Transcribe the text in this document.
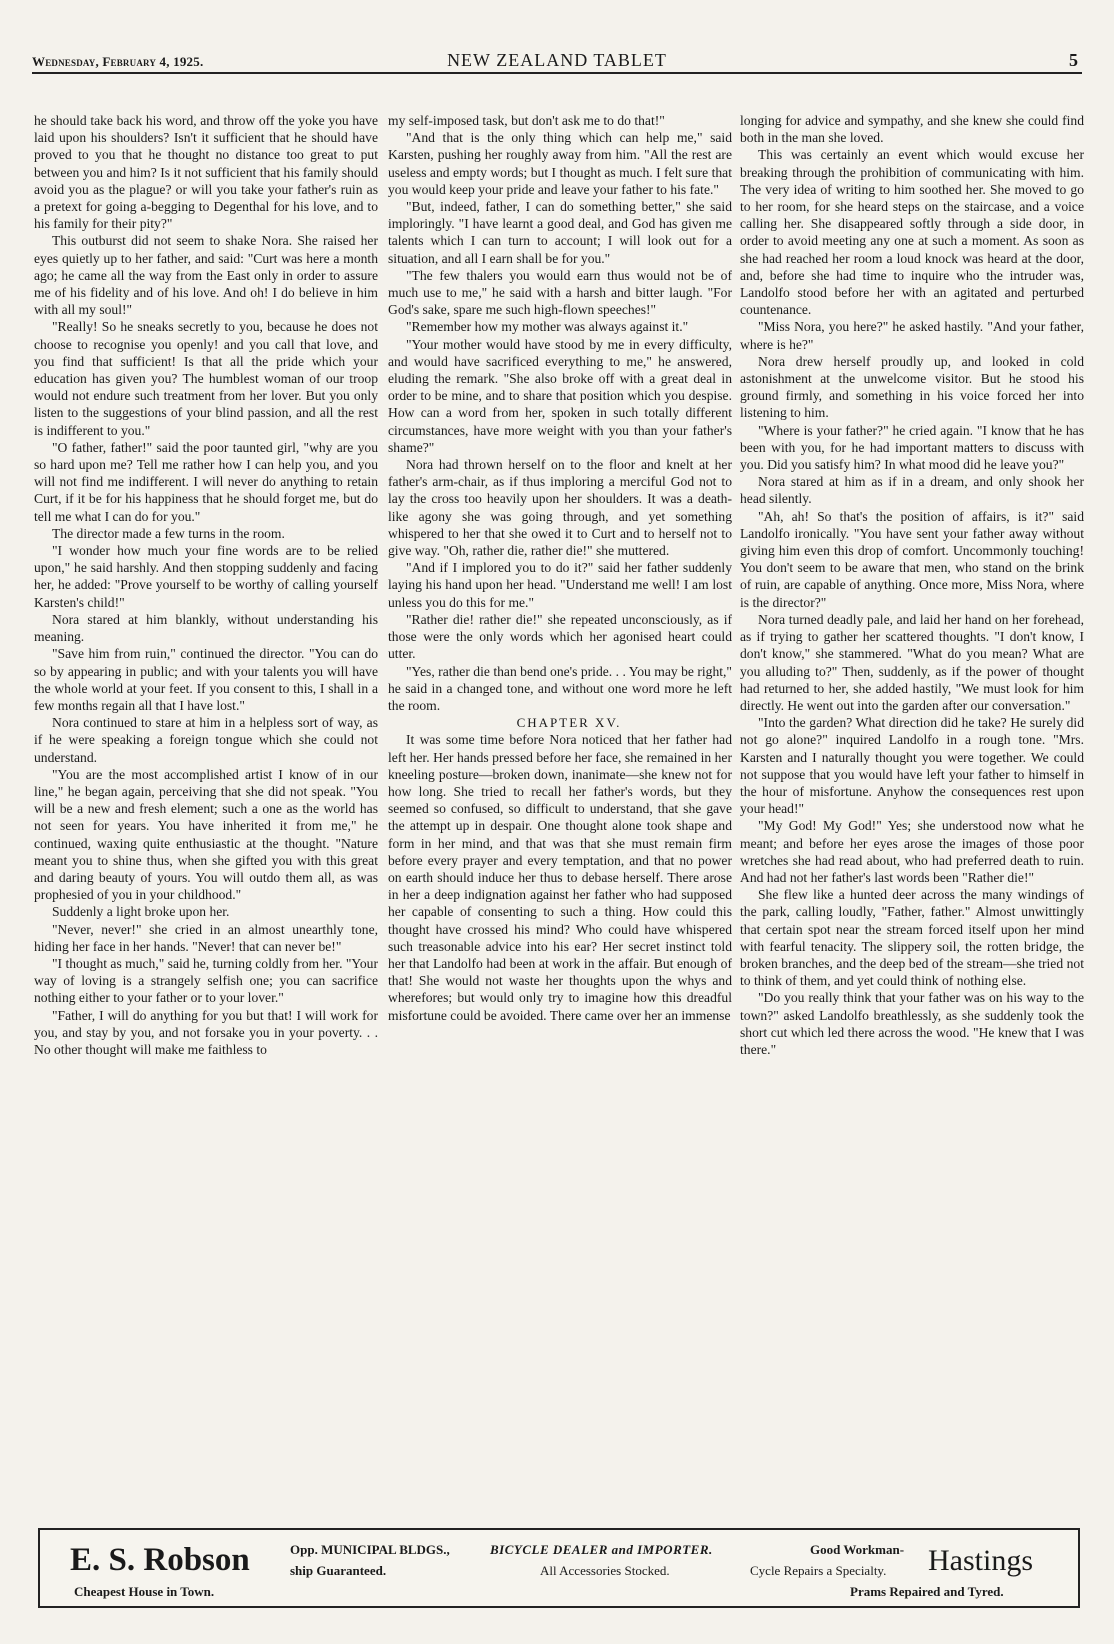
Wednesday, February 4, 1925.	NEW ZEALAND TABLET	5

he should take back his word, and throw off the yoke you have laid upon his shoulders? Isn't it sufficient that he should have proved to you that he thought no distance too great to put between you and him? Is it not sufficient that his family should avoid you as the plague? or will you take your father's ruin as a pretext for going a-begging to Degenthal for his love, and to his family for their pity?"

This outburst did not seem to shake Nora. She raised her eyes quietly up to her father, and said: "Curt was here a month ago; he came all the way from the East only in order to assure me of his fidelity and of his love. And oh! I do believe in him with all my soul!"

"Really! So he sneaks secretly to you, because he does not choose to recognise you openly! and you call that love, and you find that sufficient! Is that all the pride which your education has given you? The humblest woman of our troop would not endure such treatment from her lover. But you only listen to the suggestions of your blind passion, and all the rest is indifferent to you."

"O father, father!" said the poor taunted girl, "why are you so hard upon me? Tell me rather how I can help you, and you will not find me indifferent. I will never do anything to retain Curt, if it be for his happiness that he should forget me, but do tell me what I can do for you."

The director made a few turns in the room.

"I wonder how much your fine words are to be relied upon," he said harshly. And then stopping suddenly and facing her, he added: "Prove yourself to be worthy of calling yourself Karsten's child!"

Nora stared at him blankly, without understanding his meaning.

"Save him from ruin," continued the director. "You can do so by appearing in public; and with your talents you will have the whole world at your feet. If you consent to this, I shall in a few months regain all that I have lost."

Nora continued to stare at him in a helpless sort of way, as if he were speaking a foreign tongue which she could not understand.

"You are the most accomplished artist I know of in our line," he began again, perceiving that she did not speak. "You will be a new and fresh element; such a one as the world has not seen for years. You have inherited it from me," he continued, waxing quite enthusiastic at the thought. "Nature meant you to shine thus, when she gifted you with this great and daring beauty of yours. You will outdo them all, as was prophesied of you in your childhood."

Suddenly a light broke upon her.

"Never, never!" she cried in an almost unearthly tone, hiding her face in her hands. "Never! that can never be!"

"I thought as much," said he, turning coldly from her. "Your way of loving is a strangely selfish one; you can sacrifice nothing either to your father or to your lover."

"Father, I will do anything for you but that! I will work for you, and stay by you, and not forsake you in your poverty. . . No other thought will make me faithless to

my self-imposed task, but don't ask me to do that!"

"And that is the only thing which can help me," said Karsten, pushing her roughly away from him. "All the rest are useless and empty words; but I thought as much. I felt sure that you would keep your pride and leave your father to his fate."

"But, indeed, father, I can do something better," she said imploringly. "I have learnt a good deal, and God has given me talents which I can turn to account; I will look out for a situation, and all I earn shall be for you."

"The few thalers you would earn thus would not be of much use to me," he said with a harsh and bitter laugh. "For God's sake, spare me such high-flown speeches!"

"Remember how my mother was always against it."

"Your mother would have stood by me in every difficulty, and would have sacrificed everything to me," he answered, eluding the remark. "She also broke off with a great deal in order to be mine, and to share that position which you despise. How can a word from her, spoken in such totally different circumstances, have more weight with you than your father's shame?"

Nora had thrown herself on to the floor and knelt at her father's arm-chair, as if thus imploring a merciful God not to lay the cross too heavily upon her shoulders. It was a death-like agony she was going through, and yet something whispered to her that she owed it to Curt and to herself not to give way. "Oh, rather die, rather die!" she muttered.

"And if I implored you to do it?" said her father suddenly laying his hand upon her head. "Understand me well! I am lost unless you do this for me."

"Rather die! rather die!" she repeated unconsciously, as if those were the only words which her agonised heart could utter.

"Yes, rather die than bend one's pride. . . You may be right," he said in a changed tone, and without one word more he left the room.

CHAPTER XV.

It was some time before Nora noticed that her father had left her. Her hands pressed before her face, she remained in her kneeling posture—broken down, inanimate—she knew not for how long. She tried to recall her father's words, but they seemed so confused, so difficult to understand, that she gave the attempt up in despair. One thought alone took shape and form in her mind, and that was that she must remain firm before every prayer and every temptation, and that no power on earth should induce her thus to debase herself. There arose in her a deep indignation against her father who had supposed her capable of consenting to such a thing. How could this thought have crossed his mind? Who could have whispered such treasonable advice into his ear? Her secret instinct told her that Landolfo had been at work in the affair. But enough of that! She would not waste her thoughts upon the whys and wherefores; but would only try to imagine how this dreadful misfortune could be avoided. There came over her an immense

longing for advice and sympathy, and she knew she could find both in the man she loved.

This was certainly an event which would excuse her breaking through the prohibition of communicating with him. The very idea of writing to him soothed her. She moved to go to her room, for she heard steps on the staircase, and a voice calling her. She disappeared softly through a side door, in order to avoid meeting any one at such a moment. As soon as she had reached her room a loud knock was heard at the door, and, before she had time to inquire who the intruder was, Landolfo stood before her with an agitated and perturbed countenance.

"Miss Nora, you here?" he asked hastily. "And your father, where is he?"

Nora drew herself proudly up, and looked in cold astonishment at the unwelcome visitor. But he stood his ground firmly, and something in his voice forced her into listening to him.

"Where is your father?" he cried again. "I know that he has been with you, for he had important matters to discuss with you. Did you satisfy him? In what mood did he leave you?"

Nora stared at him as if in a dream, and only shook her head silently.

"Ah, ah! So that's the position of affairs, is it?" said Landolfo ironically. "You have sent your father away without giving him even this drop of comfort. Uncommonly touching! You don't seem to be aware that men, who stand on the brink of ruin, are capable of anything. Once more, Miss Nora, where is the director?"

Nora turned deadly pale, and laid her hand on her forehead, as if trying to gather her scattered thoughts. "I don't know, I don't know," she stammered. "What do you mean? What are you alluding to?" Then, suddenly, as if the power of thought had returned to her, she added hastily, "We must look for him directly. He went out into the garden after our conversation."

"Into the garden? What direction did he take? He surely did not go alone?" inquired Landolfo in a rough tone. "Mrs. Karsten and I naturally thought you were together. We could not suppose that you would have left your father to himself in the hour of misfortune. Anyhow the consequences rest upon your head!"

"My God! My God!" Yes; she understood now what he meant; and before her eyes arose the images of those poor wretches she had read about, who had preferred death to ruin. And had not her father's last words been "Rather die!"

She flew like a hunted deer across the many windings of the park, calling loudly, "Father, father." Almost unwittingly that certain spot near the stream forced itself upon her mind with fearful tenacity. The slippery soil, the rotten bridge, the broken branches, and the deep bed of the stream—she tried not to think of them, and yet could think of nothing else.

"Do you really think that your father was on his way to the town?" asked Landolfo breathlessly, as she suddenly took the short cut which led there across the wood. "He knew that I was there."

E. S. Robson
Cheapest House in Town.
Opp. MUNICIPAL BLDGS.,
ship Guaranteed.
BICYCLE DEALER and IMPORTER.
All Accessories Stocked.
Good Workman-
Cycle Repairs a Specialty.
Prams Repaired and Tyred.
Hastings
